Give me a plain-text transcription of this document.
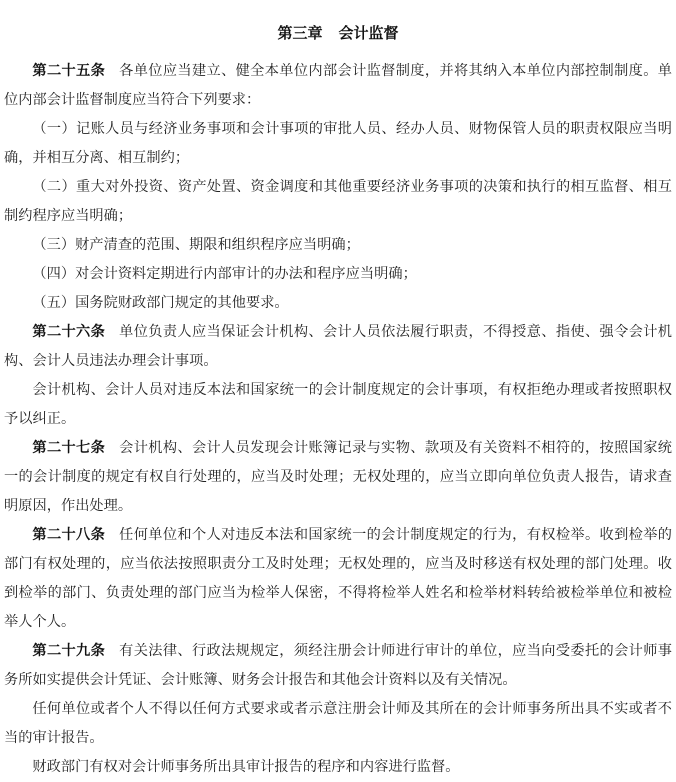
第三章 会计监督

第二十五条 各单位应当建立、健全本单位内部会计监督制度，并将其纳入本单位内部控制制度。单位内部会计监督制度应当符合下列要求：

（一）记账人员与经济业务事项和会计事项的审批人员、经办人员、财物保管人员的职责权限应当明确，并相互分离、相互制约；

（二）重大对外投资、资产处置、资金调度和其他重要经济业务事项的决策和执行的相互监督、相互制约程序应当明确；

（三）财产清查的范围、期限和组织程序应当明确；

（四）对会计资料定期进行内部审计的办法和程序应当明确；

（五）国务院财政部门规定的其他要求。

第二十六条 单位负责人应当保证会计机构、会计人员依法履行职责，不得授意、指使、强令会计机构、会计人员违法办理会计事项。

会计机构、会计人员对违反本法和国家统一的会计制度规定的会计事项，有权拒绝办理或者按照职权予以纠正。

第二十七条 会计机构、会计人员发现会计账簿记录与实物、款项及有关资料不相符的，按照国家统一的会计制度的规定有权自行处理的，应当及时处理；无权处理的，应当立即向单位负责人报告，请求查明原因，作出处理。

第二十八条 任何单位和个人对违反本法和国家统一的会计制度规定的行为，有权检举。收到检举的部门有权处理的，应当依法按照职责分工及时处理；无权处理的，应当及时移送有权处理的部门处理。收到检举的部门、负责处理的部门应当为检举人保密，不得将检举人姓名和检举材料转给被检举单位和被检举人个人。

第二十九条 有关法律、行政法规规定，须经注册会计师进行审计的单位，应当向受委托的会计师事务所如实提供会计凭证、会计账簿、财务会计报告和其他会计资料以及有关情况。

任何单位或者个人不得以任何方式要求或者示意注册会计师及其所在的会计师事务所出具不实或者不当的审计报告。

财政部门有权对会计师事务所出具审计报告的程序和内容进行监督。
